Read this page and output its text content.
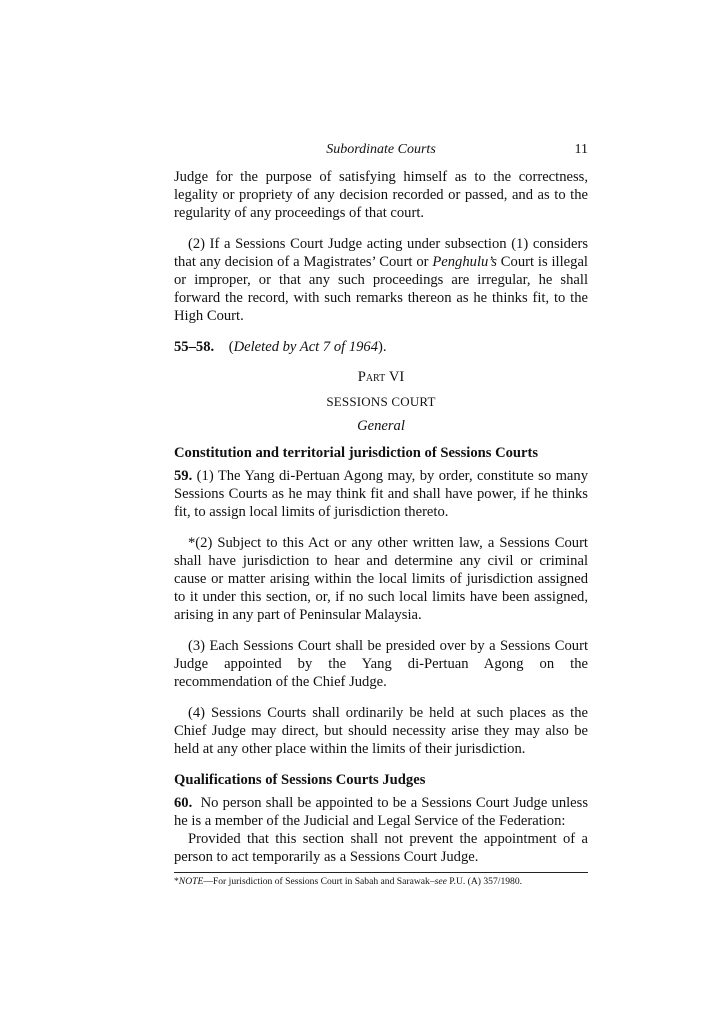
Subordinate Courts	11

Judge for the purpose of satisfying himself as to the correctness, legality or propriety of any decision recorded or passed, and as to the regularity of any proceedings of that court.

(2) If a Sessions Court Judge acting under subsection (1) considers that any decision of a Magistrates’ Court or Penghulu’s Court is illegal or improper, or that any such proceedings are irregular, he shall forward the record, with such remarks thereon as he thinks fit, to the High Court.

55–58. (Deleted by Act 7 of 1964).

Part VI

SESSIONS COURT

General

Constitution and territorial jurisdiction of Sessions Courts

59. (1) The Yang di-Pertuan Agong may, by order, constitute so many Sessions Courts as he may think fit and shall have power, if he thinks fit, to assign local limits of jurisdiction thereto.

*(2) Subject to this Act or any other written law, a Sessions Court shall have jurisdiction to hear and determine any civil or criminal cause or matter arising within the local limits of jurisdiction assigned to it under this section, or, if no such local limits have been assigned, arising in any part of Peninsular Malaysia.

(3) Each Sessions Court shall be presided over by a Sessions Court Judge appointed by the Yang di-Pertuan Agong on the recommendation of the Chief Judge.

(4) Sessions Courts shall ordinarily be held at such places as the Chief Judge may direct, but should necessity arise they may also be held at any other place within the limits of their jurisdiction.

Qualifications of Sessions Courts Judges

60. No person shall be appointed to be a Sessions Court Judge unless he is a member of the Judicial and Legal Service of the Federation:

Provided that this section shall not prevent the appointment of a person to act temporarily as a Sessions Court Judge.

*NOTE—For jurisdiction of Sessions Court in Sabah and Sarawak–see P.U. (A) 357/1980.
